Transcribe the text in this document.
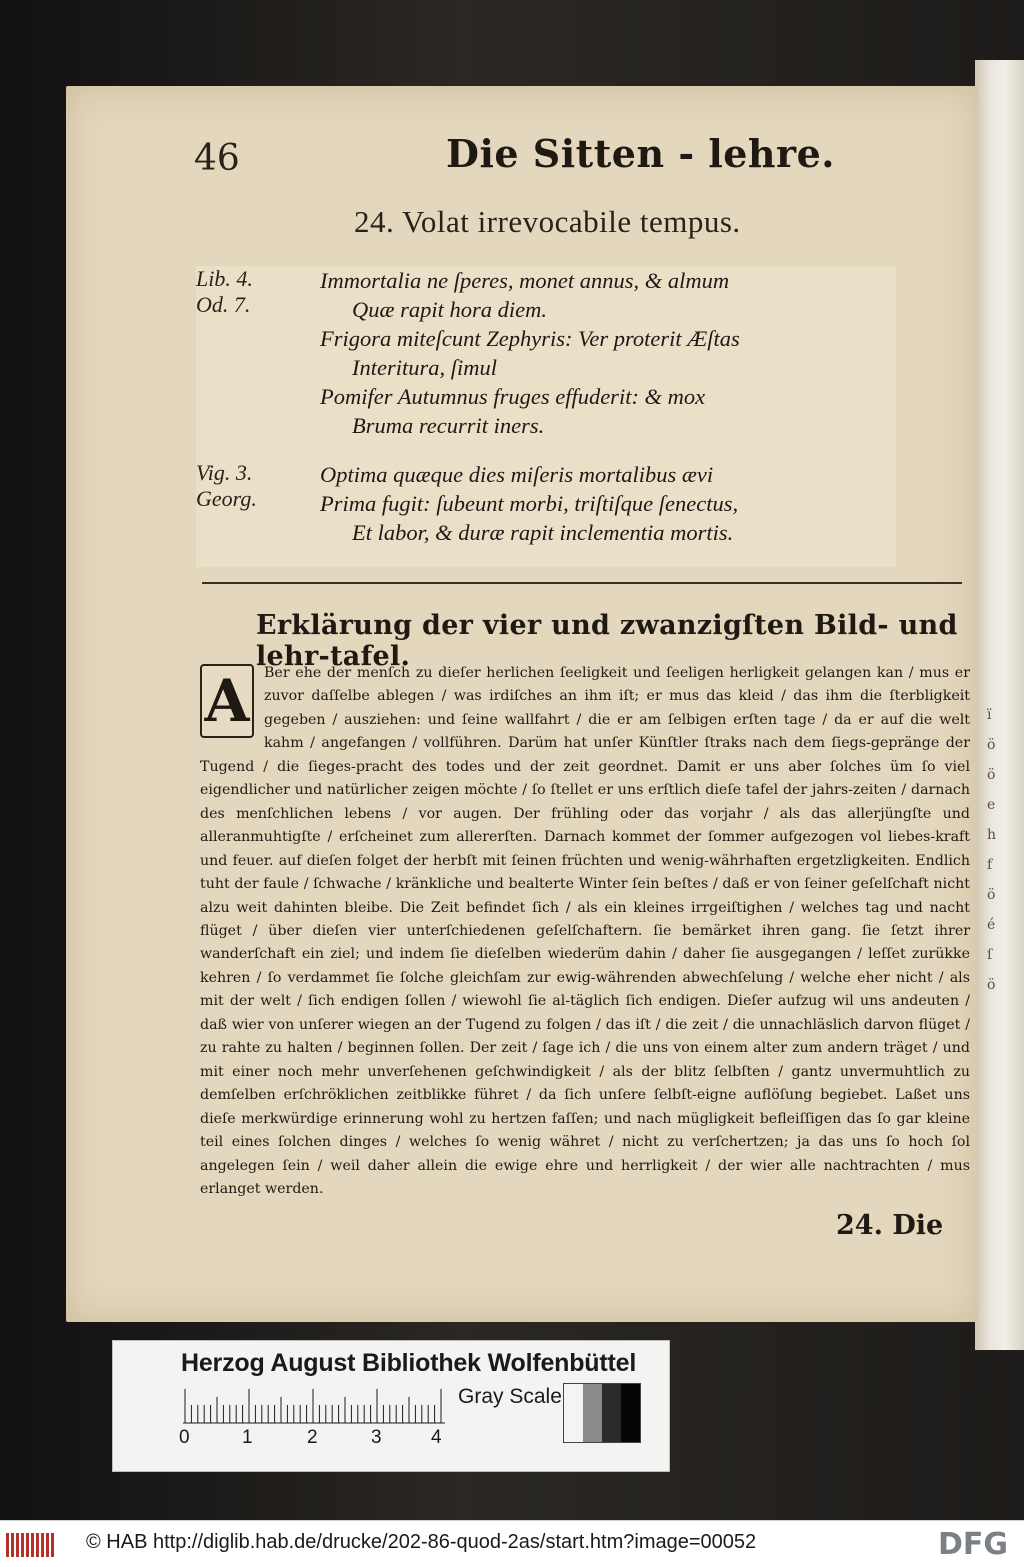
ï
ö
ö
e
h
f
ö
é
ſ
ö
46	Die Sitten - lehre.
24. Volat irrevocabile tempus.
Lib. 4.
Od. 7.
Immortalia ne ſperes, monet annus, & almum
Quæ rapit hora diem.
Frigora miteſcunt Zephyris: Ver proterit Æſtas
Interitura, ſimul
Pomifer Autumnus fruges effuderit: & mox
Bruma recurrit iners.
Vig. 3.
Georg.
Optima quæque dies miſeris mortalibus ævi
Prima fugit: ſubeunt morbi, triſtiſque ſenectus,
Et labor, & duræ rapit inclementia mortis.
Erklärung der vier und zwanzigſten Bild- und lehr-tafel.
A	Ber ehe der menſch zu dieſer herlichen ſeeligkeit und ſeeligen herligkeit gelangen kan / mus er zuvor daſſelbe ablegen / was irdiſches an ihm iſt; er mus das kleid / das ihm die ſterbligkeit gegeben / ausziehen: und ſeine wallfahrt / die er am ſelbigen erſten tage / da er auf die welt kahm / angefangen / vollführen. Darüm hat unſer Künſtler ſtraks nach dem ſiegs-gepränge der Tugend / die ſieges-pracht des todes und der zeit geordnet. Damit er uns aber ſolches üm ſo viel eigendlicher und natürlicher zeigen möchte / ſo ſtellet er uns erſtlich dieſe tafel der jahrs-zeiten / darnach des menſchlichen lebens / vor augen. Der frühling oder das vorjahr / als das allerjüngſte und alleranmuhtigſte / erſcheinet zum allererſten. Darnach kommet der ſommer aufgezogen vol liebes-kraft und feuer. auf dieſen folget der herbſt mit ſeinen früchten und wenig-währhaften ergetzligkeiten. Endlich tuht der faule / ſchwache / kränkliche und bealterte Winter ſein beſtes / daß er von ſeiner geſelſchaft nicht alzu weit dahinten bleibe. Die Zeit befindet ſich / als ein kleines irrgeiſtighen / welches tag und nacht flüget / über dieſen vier unterſchiedenen geſelſchaftern. ſie bemärket ihren gang. ſie ſetzt ihrer wanderſchaft ein ziel; und indem ſie dieſelben wiederüm dahin / daher ſie ausgegangen / leſſet zurükke kehren / ſo verdammet ſie ſolche gleichſam zur ewig-währenden abwechſelung / welche eher nicht / als mit der welt / ſich endigen ſollen / wiewohl ſie al-täglich ſich endigen. Dieſer aufzug wil uns andeuten / daß wier von unſerer wiegen an der Tugend zu folgen / das iſt / die zeit / die unnachläslich darvon flüget / zu rahte zu halten / beginnen ſollen. Der zeit / ſage ich / die uns von einem alter zum andern träget / und mit einer noch mehr unverſehenen geſchwindigkeit / als der blitz ſelbſten / gantz unvermuhtlich zu demſelben erſchröklichen zeitblikke führet / da ſich unſere ſelbſt-eigne auflöſung begiebet. Laßet uns dieſe merkwürdige erinnerung wohl zu hertzen faſſen; und nach mügligkeit befleiſſigen das ſo gar kleine teil eines ſolchen dinges / welches ſo wenig währet / nicht zu verſchertzen; ja das uns ſo hoch ſol angelegen ſein / weil daher allein die ewige ehre und herrligkeit / der wier alle nachtrachten / mus erlanget werden.
24. Die
Herzog August Bibliothek Wolfenbüttel
0	1	2	3	4
Gray Scale
© HAB http://diglib.hab.de/drucke/202-86-quod-2as/start.htm?image=00052	DFG
